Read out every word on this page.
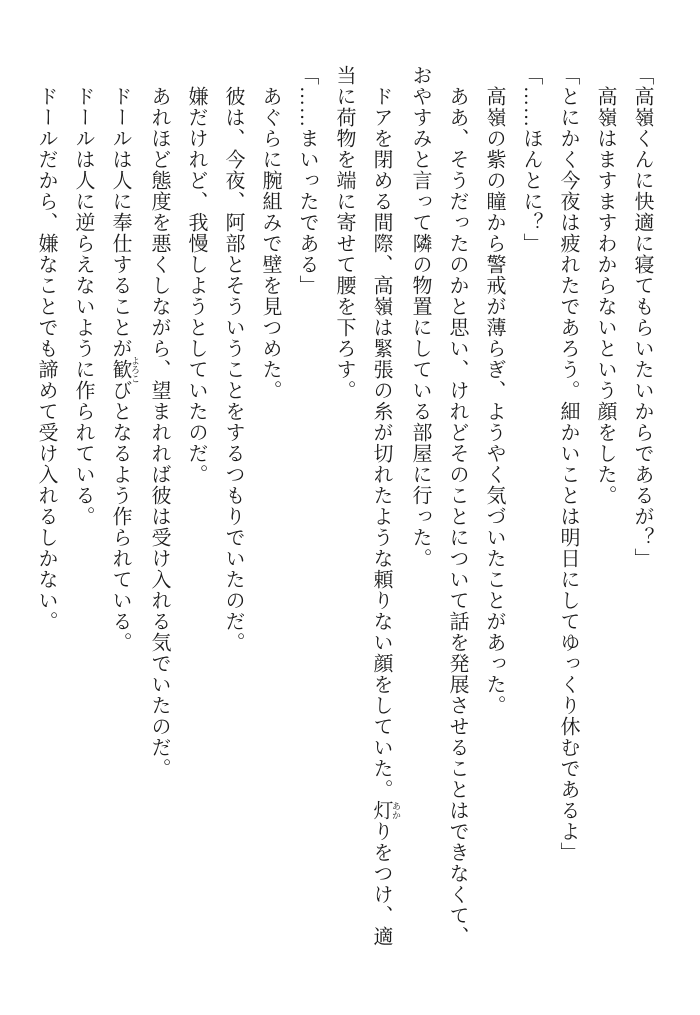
「高嶺くんに快適に寝てもらいたいからであるが？」

高嶺はますますわからないという顔をした。

「とにかく今夜は疲れたであろう。細かいことは明日にしてゆっくり休むであるよ」

「……ほんとに？」

高嶺の紫の瞳から警戒が薄らぎ、ようやく気づいたことがあった。

ああ、そうだったのかと思い、けれどそのことについて話を発展させることはできなくて、

おやすみと言って隣の物置にしている部屋に行った。

ドアを閉める間際、高嶺は緊張の糸が切れたような頼りない顔をしていた。灯 あかりをつけ、適

当に荷物を端に寄せて腰を下ろす。

「……まいったである」

あぐらに腕組みで壁を見つめた。

彼は、今夜、阿部とそういうことをするつもりでいたのだ。

嫌だけれど、我慢しようとしていたのだ。

あれほど態度を悪くしながら、望まれれば彼は受け入れる気でいたのだ。

ドールは人に奉仕することが歓 よろこびとなるよう作られている。

ドールは人に逆らえないように作られている。

ドールだから、嫌なことでも諦めて受け入れるしかない。
